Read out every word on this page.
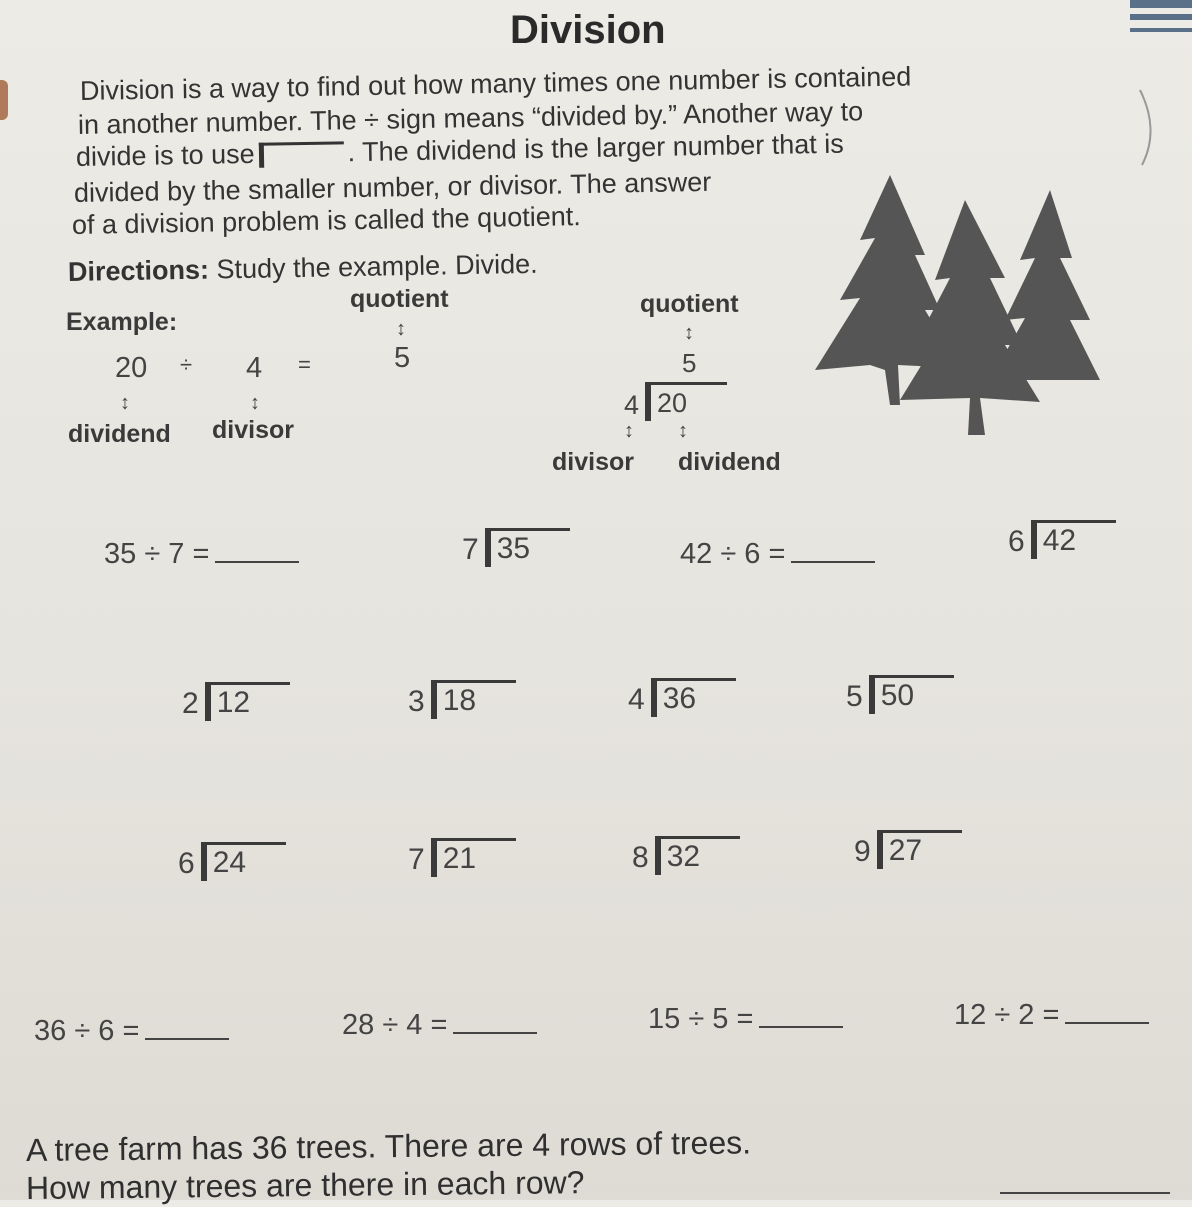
Division
Division is a way to find out how many times one number is contained
in another number. The ÷ sign means “divided by.” Another way to
divide is to use	. The dividend is the larger number that is
divided by the smaller number, or divisor. The answer
of a division problem is called the quotient.
Directions: Study the example. Divide.
Example:
20 ÷ 4 =
quotient
↕
5
↕	↕
dividend divisor
quotient
↕
5
4 20
↕ ↕
divisor dividend
35 ÷ 7 =	7 35	42 ÷ 6 =	6 42
2 12	3 18	4 36	5 50
6 24	7 21	8 32	9 27
36 ÷ 6 =	28 ÷ 4 =	15 ÷ 5 =	12 ÷ 2 =
A tree farm has 36 trees. There are 4 rows of trees.
How many trees are there in each row?
